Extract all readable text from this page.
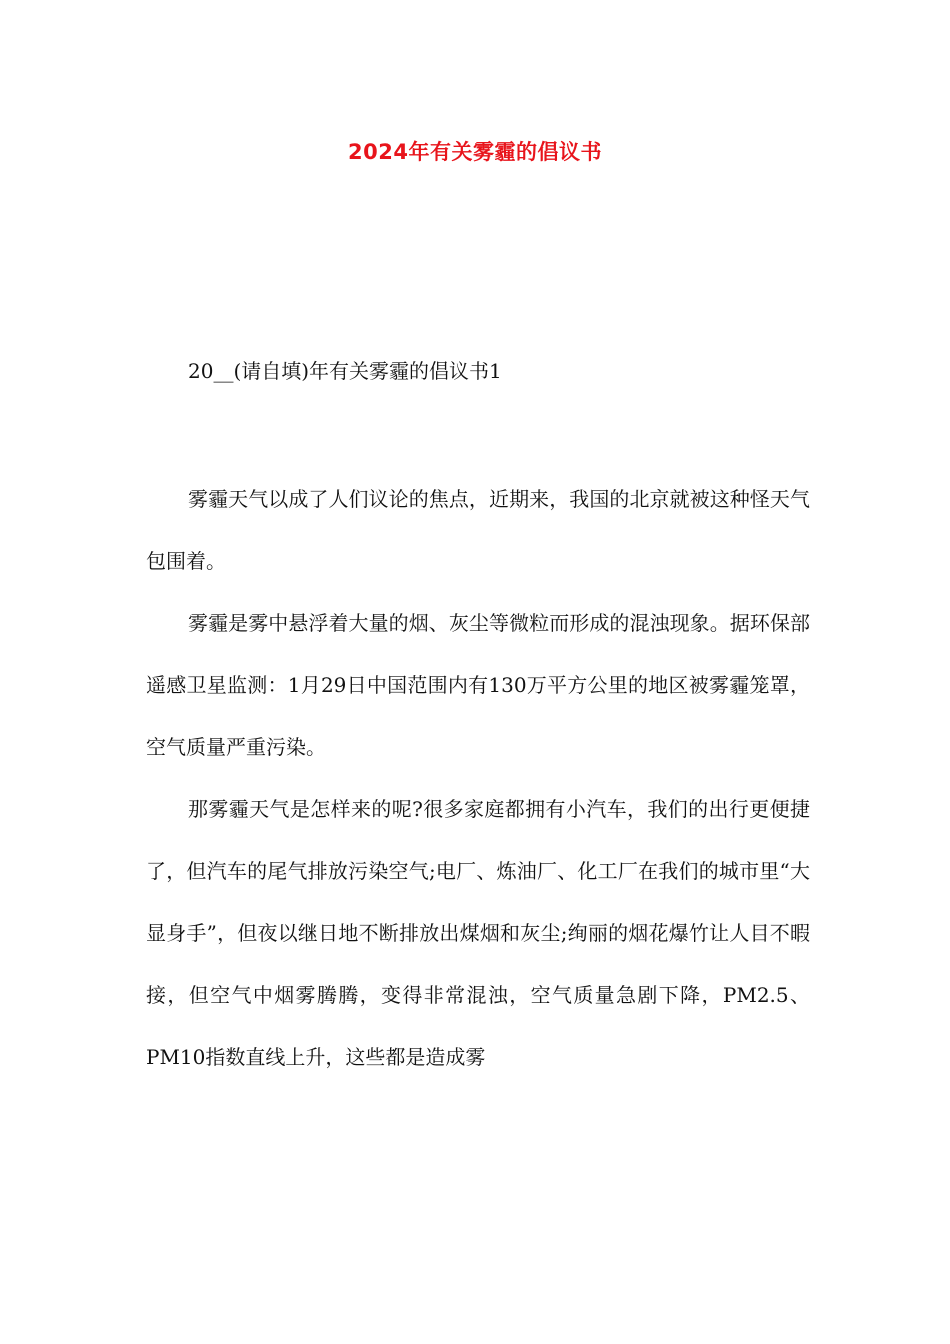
2024年有关雾霾的倡议书
20__(请自填)年有关雾霾的倡议书1

雾霾天气以成了人们议论的焦点，近期来，我国的北京就被这种怪天气包围着。

雾霾是雾中悬浮着大量的烟、灰尘等微粒而形成的混浊现象。据环保部遥感卫星监测：1月29日中国范围内有130万平方公里的地区被雾霾笼罩，空气质量严重污染。

那雾霾天气是怎样来的呢?很多家庭都拥有小汽车，我们的出行更便捷了，但汽车的尾气排放污染空气;电厂、炼油厂、化工厂在我们的城市里“大显身手”，但夜以继日地不断排放出煤烟和灰尘;绚丽的烟花爆竹让人目不暇接，但空气中烟雾腾腾，变得非常混浊，空气质量急剧下降，PM2.5、PM10指数直线上升，这些都是造成雾
